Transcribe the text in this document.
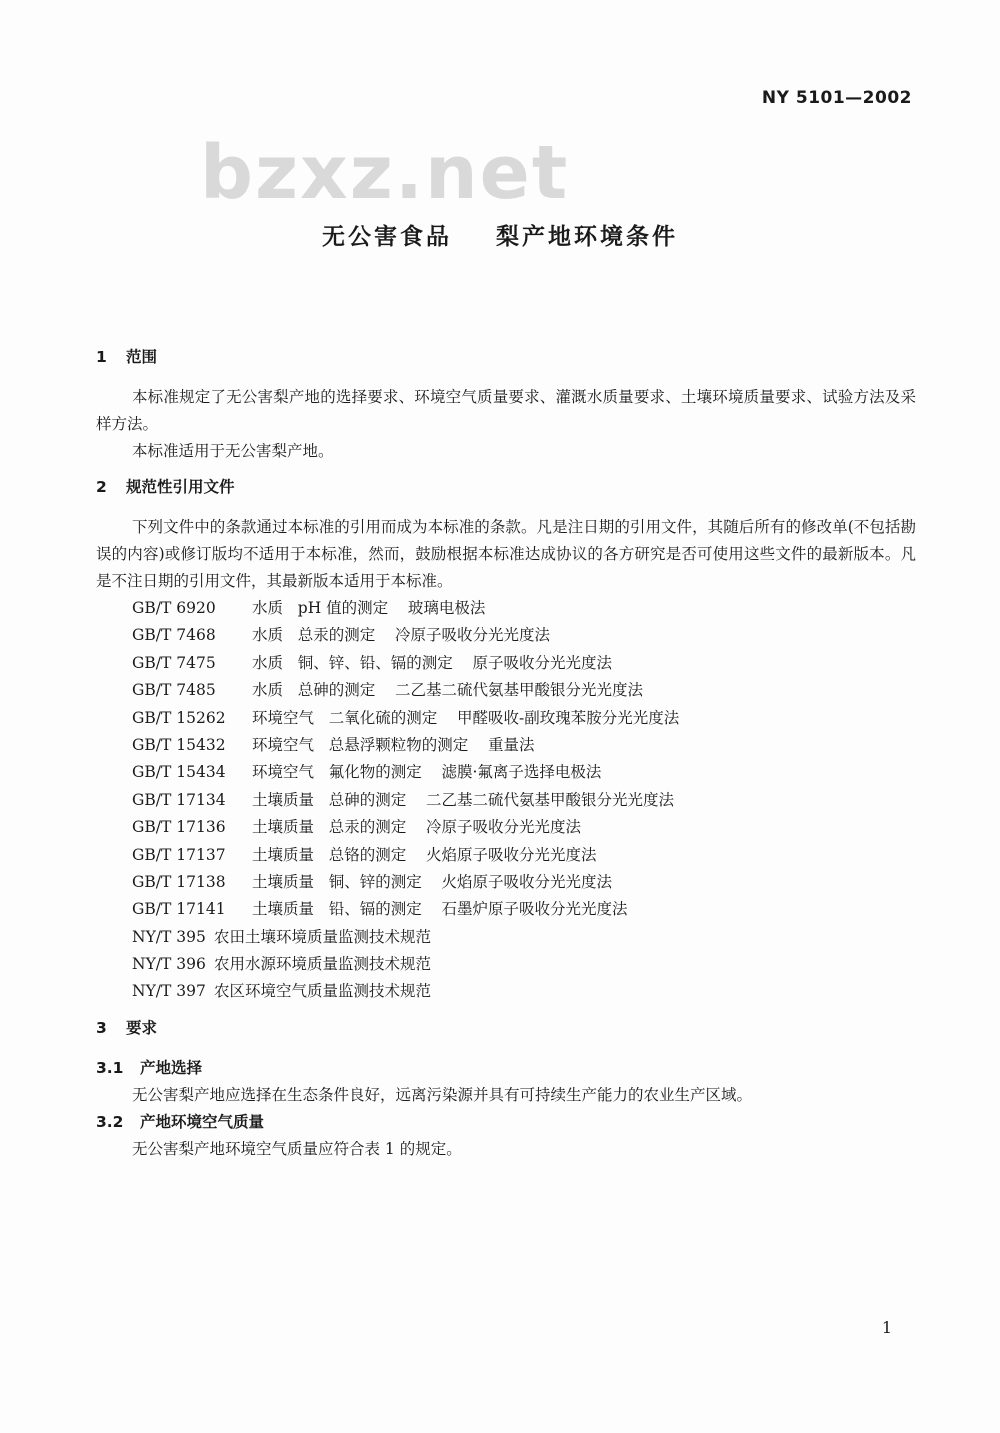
NY 5101—2002
bzxz.net
无公害食品    梨产地环境条件
1	范围

本标准规定了无公害梨产地的选择要求、环境空气质量要求、灌溉水质量要求、土壤环境质量要求、试验方法及采样方法。

本标准适用于无公害梨产地。

2	规范性引用文件

下列文件中的条款通过本标准的引用而成为本标准的条款。凡是注日期的引用文件，其随后所有的修改单(不包括勘误的内容)或修订版均不适用于本标准，然而，鼓励根据本标准达成协议的各方研究是否可使用这些文件的最新版本。凡是不注日期的引用文件，其最新版本适用于本标准。

GB/T 6920	水质   pH 值的测定    玻璃电极法
GB/T 7468	水质   总汞的测定    冷原子吸收分光光度法
GB/T 7475	水质   铜、锌、铅、镉的测定    原子吸收分光光度法
GB/T 7485	水质   总砷的测定    二乙基二硫代氨基甲酸银分光光度法
GB/T 15262	环境空气   二氧化硫的测定    甲醛吸收-副玫瑰苯胺分光光度法
GB/T 15432	环境空气   总悬浮颗粒物的测定    重量法
GB/T 15434	环境空气   氟化物的测定    滤膜·氟离子选择电极法
GB/T 17134	土壤质量   总砷的测定    二乙基二硫代氨基甲酸银分光光度法
GB/T 17136	土壤质量   总汞的测定    冷原子吸收分光光度法
GB/T 17137	土壤质量   总铬的测定    火焰原子吸收分光光度法
GB/T 17138	土壤质量   铜、锌的测定    火焰原子吸收分光光度法
GB/T 17141	土壤质量   铅、镉的测定    石墨炉原子吸收分光光度法
NY/T 395 农田土壤环境质量监测技术规范
NY/T 396 农用水源环境质量监测技术规范
NY/T 397 农区环境空气质量监测技术规范
3	要求
3.1	产地选择

无公害梨产地应选择在生态条件良好，远离污染源并具有可持续生产能力的农业生产区域。

3.2	产地环境空气质量

无公害梨产地环境空气质量应符合表 1 的规定。

1
